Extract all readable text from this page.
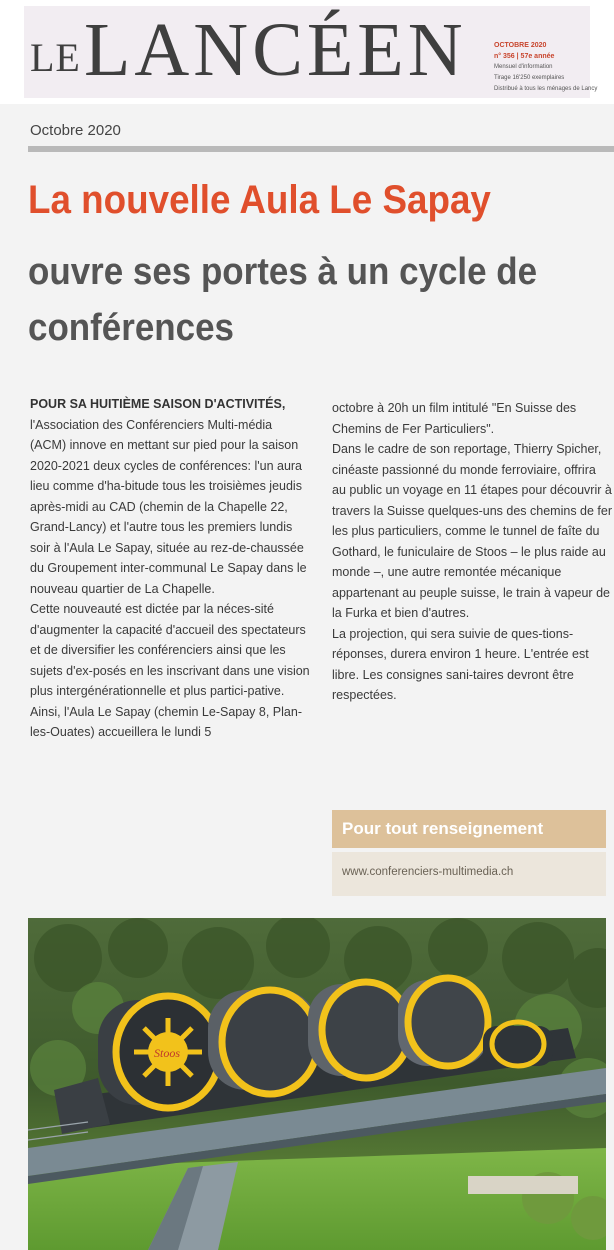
LE LANCÉEN	OCTOBRE 2020
n° 356 | 57e année
Mensuel d'information
Tirage 16'250 exemplaires
Distribué à tous les ménages de Lancy
Octobre 2020
La nouvelle Aula Le Sapay
ouvre ses portes à un cycle de conférences

POUR SA HUITIÈME SAISON D'ACTIVITÉS,
l'Association des Conférenciers Multi-média (ACM) innove en mettant sur pied pour la saison 2020-2021 deux cycles de conférences: l'un aura lieu comme d'ha-bitude tous les troisièmes jeudis après-midi au CAD (chemin de la Chapelle 22, Grand-Lancy) et l'autre tous les premiers lundis soir à l'Aula Le Sapay, située au rez-de-chaussée du Groupement inter-communal Le Sapay dans le nouveau quartier de La Chapelle.

Cette nouveauté est dictée par la néces-sité d'augmenter la capacité d'accueil des spectateurs et de diversifier les conférenciers ainsi que les sujets d'ex-posés en les inscrivant dans une vision plus intergénérationnelle et plus partici-pative.

Ainsi, l'Aula Le Sapay (chemin Le-Sapay 8, Plan-les-Ouates) accueillera le lundi 5

octobre à 20h un film intitulé "En Suisse des Chemins de Fer Particuliers".

Dans le cadre de son reportage, Thierry Spicher, cinéaste passionné du monde ferroviaire, offrira au public un voyage en 11 étapes pour découvrir à travers la Suisse quelques-uns des chemins de fer les plus particuliers, comme le tunnel de faîte du Gothard, le funiculaire de Stoos – le plus raide au monde –, une autre remontée mécanique appartenant au peuple suisse, le train à vapeur de la Furka et bien d'autres.

La projection, qui sera suivie de ques-tions-réponses, durera environ 1 heure. L'entrée est libre. Les consignes sani-taires devront être respectées.

Pour tout renseignement
www.conferenciers-multimedia.ch
Stoos
